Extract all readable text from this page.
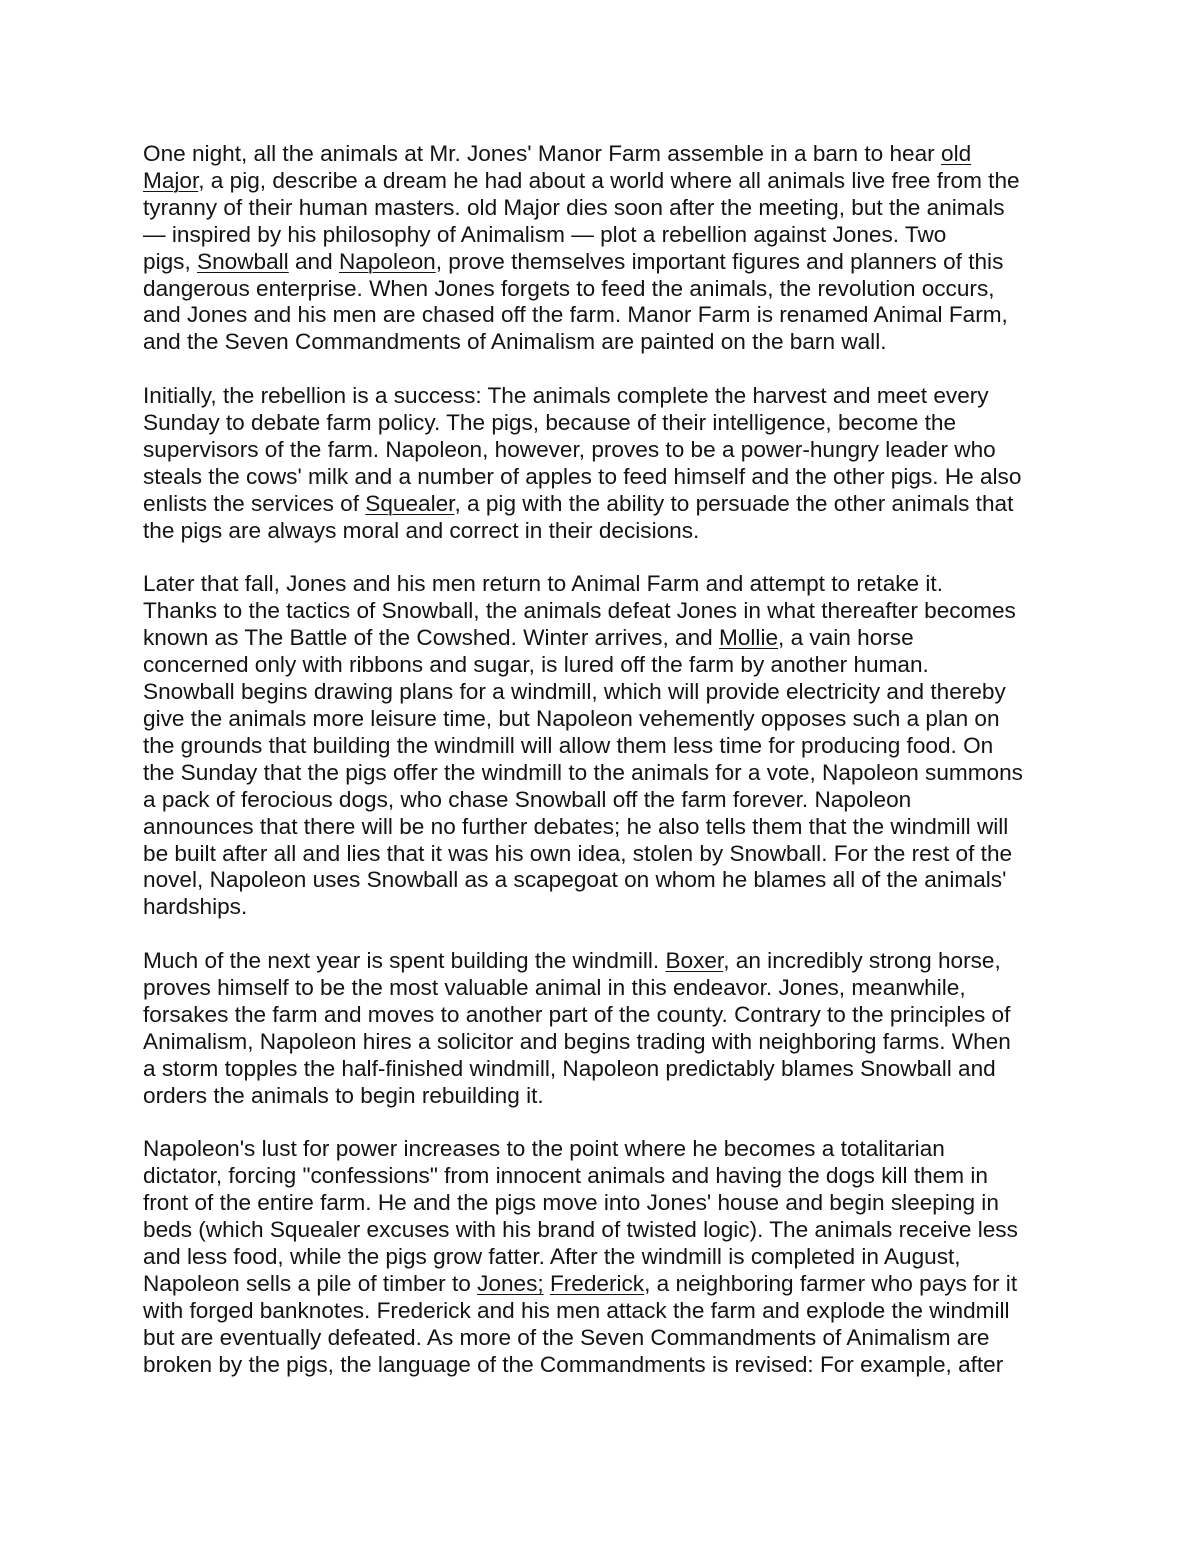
One night, all the animals at Mr. Jones' Manor Farm assemble in a barn to hear old
Major, a pig, describe a dream he had about a world where all animals live free from the
tyranny of their human masters. old Major dies soon after the meeting, but the animals
— inspired by his philosophy of Animalism — plot a rebellion against Jones. Two
pigs, Snowball and Napoleon, prove themselves important figures and planners of this
dangerous enterprise. When Jones forgets to feed the animals, the revolution occurs,
and Jones and his men are chased off the farm. Manor Farm is renamed Animal Farm,
and the Seven Commandments of Animalism are painted on the barn wall.

Initially, the rebellion is a success: The animals complete the harvest and meet every
Sunday to debate farm policy. The pigs, because of their intelligence, become the
supervisors of the farm. Napoleon, however, proves to be a power-hungry leader who
steals the cows' milk and a number of apples to feed himself and the other pigs. He also
enlists the services of Squealer, a pig with the ability to persuade the other animals that
the pigs are always moral and correct in their decisions.

Later that fall, Jones and his men return to Animal Farm and attempt to retake it.
Thanks to the tactics of Snowball, the animals defeat Jones in what thereafter becomes
known as The Battle of the Cowshed. Winter arrives, and Mollie, a vain horse
concerned only with ribbons and sugar, is lured off the farm by another human.
Snowball begins drawing plans for a windmill, which will provide electricity and thereby
give the animals more leisure time, but Napoleon vehemently opposes such a plan on
the grounds that building the windmill will allow them less time for producing food. On
the Sunday that the pigs offer the windmill to the animals for a vote, Napoleon summons
a pack of ferocious dogs, who chase Snowball off the farm forever. Napoleon
announces that there will be no further debates; he also tells them that the windmill will
be built after all and lies that it was his own idea, stolen by Snowball. For the rest of the
novel, Napoleon uses Snowball as a scapegoat on whom he blames all of the animals'
hardships.

Much of the next year is spent building the windmill. Boxer, an incredibly strong horse,
proves himself to be the most valuable animal in this endeavor. Jones, meanwhile,
forsakes the farm and moves to another part of the county. Contrary to the principles of
Animalism, Napoleon hires a solicitor and begins trading with neighboring farms. When
a storm topples the half-finished windmill, Napoleon predictably blames Snowball and
orders the animals to begin rebuilding it.

Napoleon's lust for power increases to the point where he becomes a totalitarian
dictator, forcing "confessions" from innocent animals and having the dogs kill them in
front of the entire farm. He and the pigs move into Jones' house and begin sleeping in
beds (which Squealer excuses with his brand of twisted logic). The animals receive less
and less food, while the pigs grow fatter. After the windmill is completed in August,
Napoleon sells a pile of timber to Jones; Frederick, a neighboring farmer who pays for it
with forged banknotes. Frederick and his men attack the farm and explode the windmill
but are eventually defeated. As more of the Seven Commandments of Animalism are
broken by the pigs, the language of the Commandments is revised: For example, after
